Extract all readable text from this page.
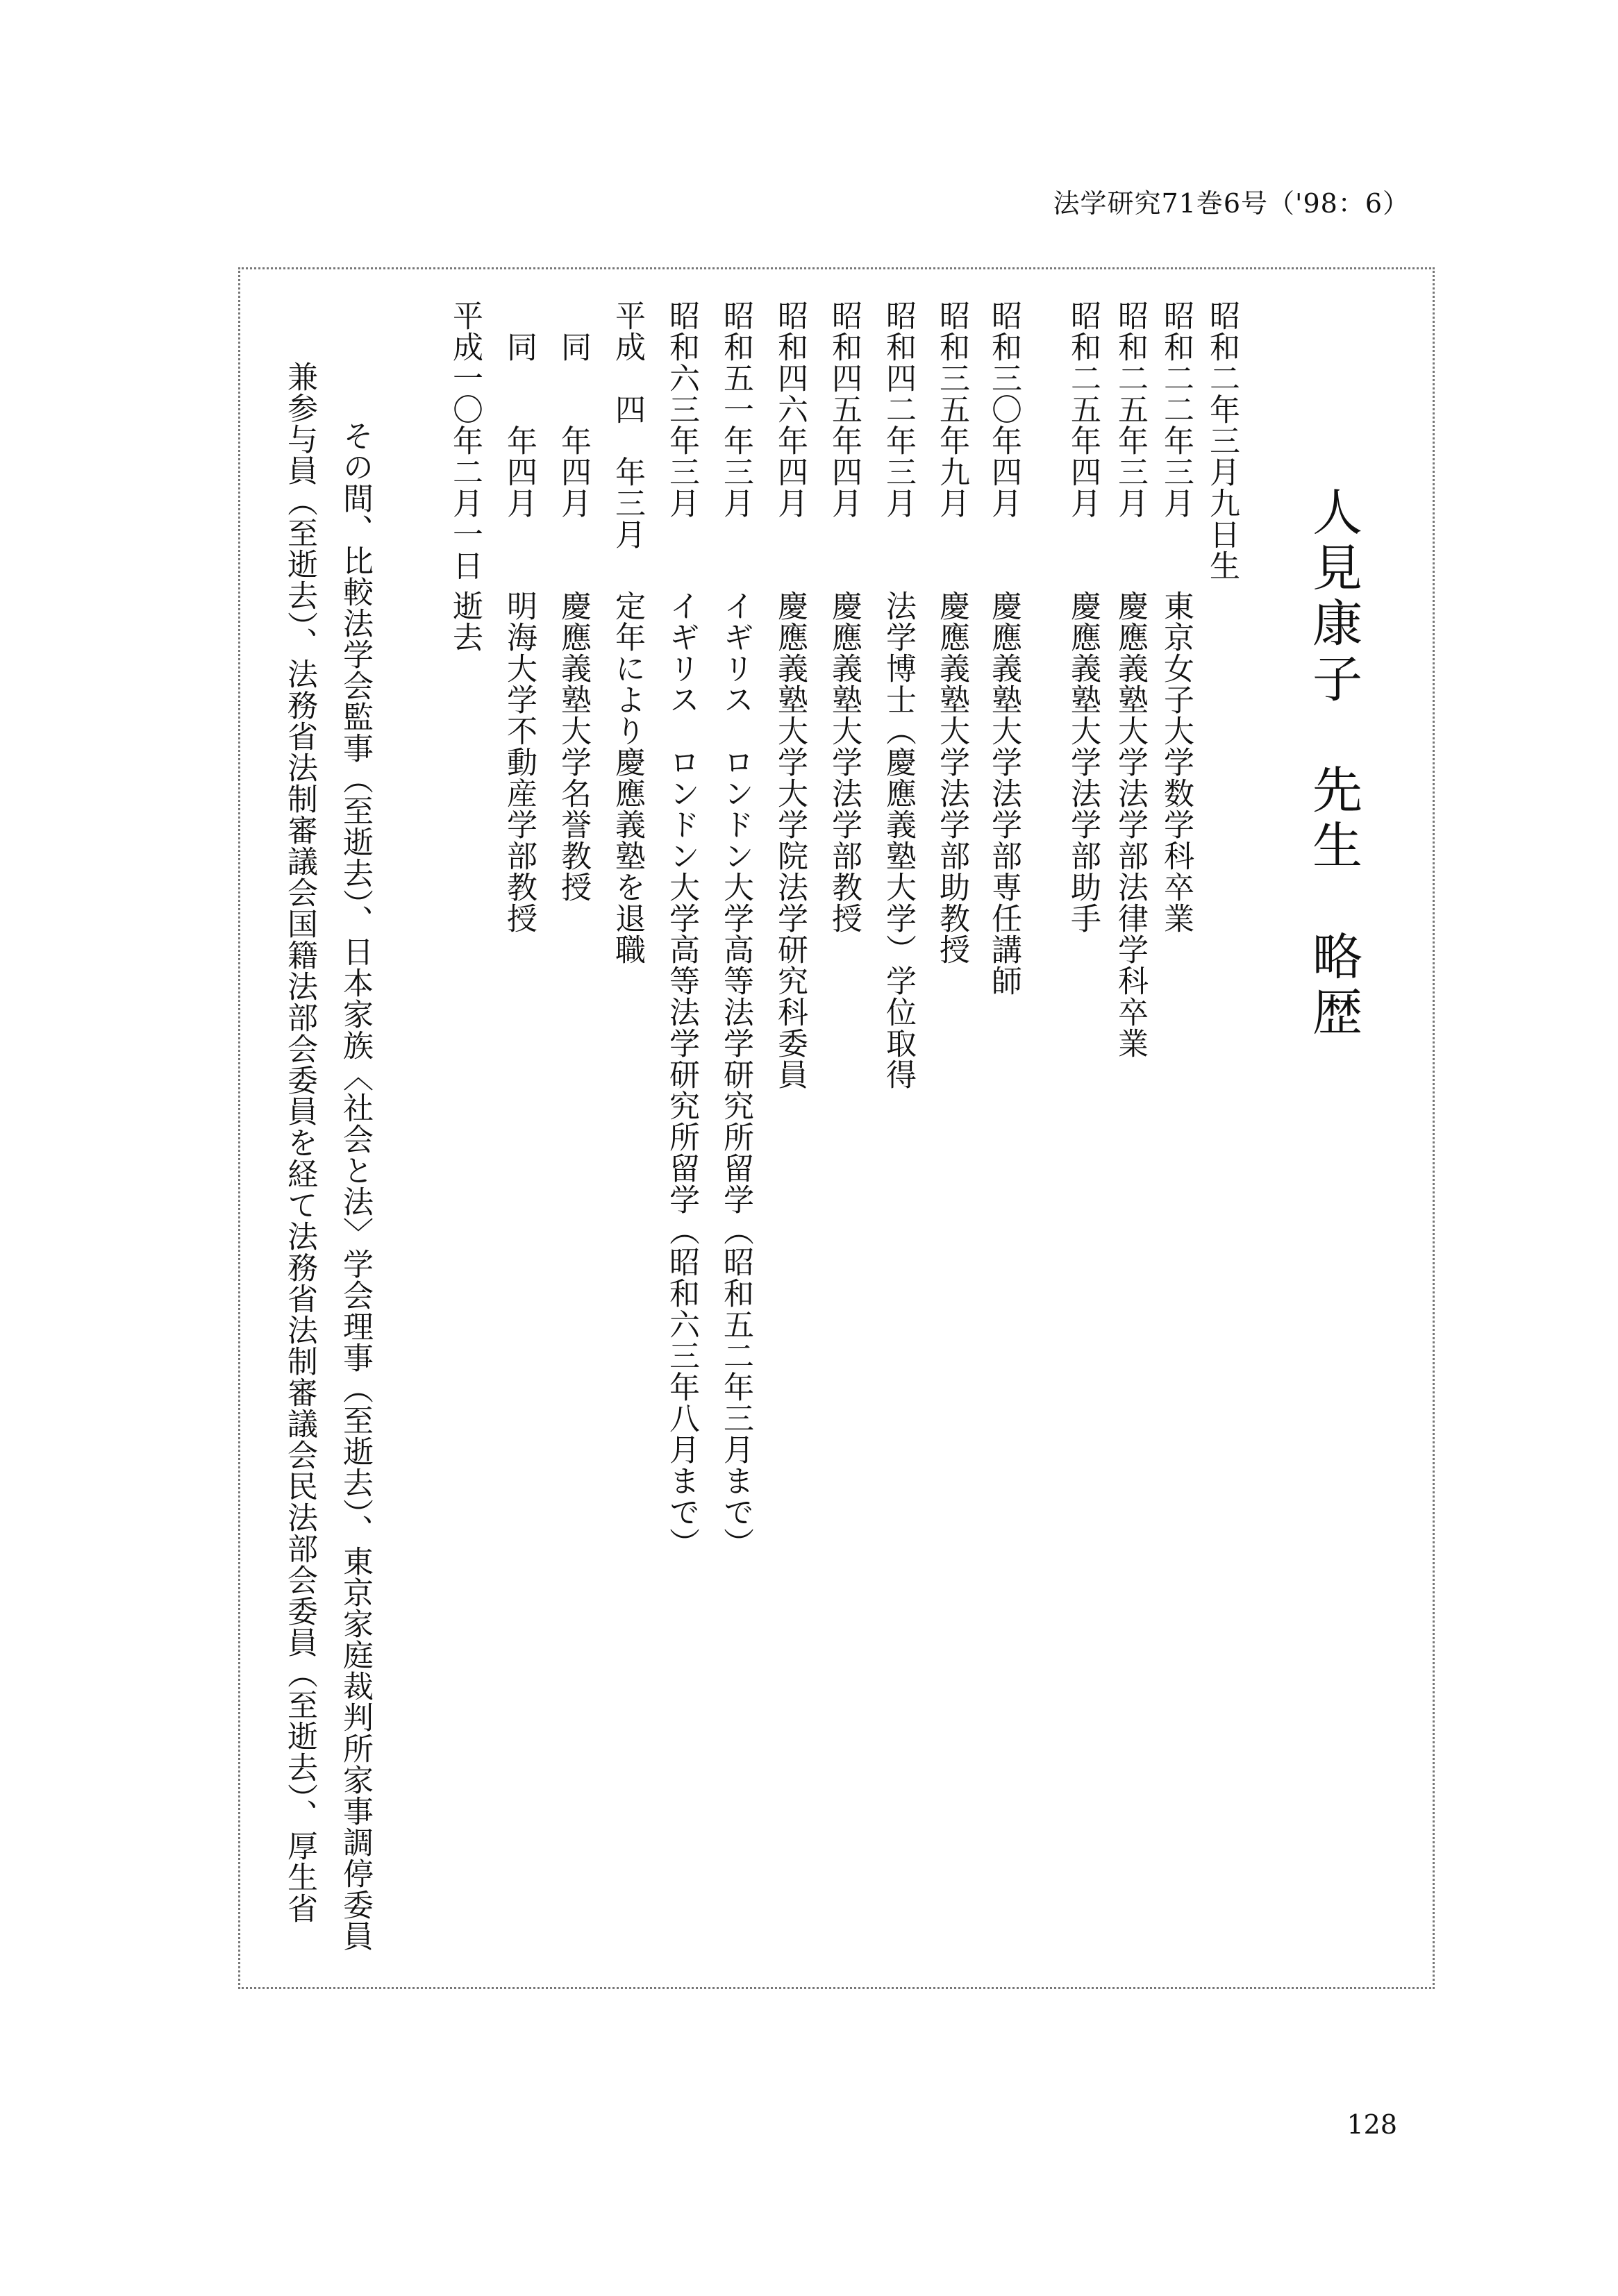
法学研究71巻6号（'98：6）
人見康子　先生　略歴
昭和二年三月九日生
昭和二二年三月
東京女子大学数学科卒業
昭和二五年三月
慶應義塾大学法学部法律学科卒業
昭和二五年四月
慶應義塾大学法学部助手
昭和三〇年四月
慶應義塾大学法学部専任講師
昭和三五年九月
慶應義塾大学法学部助教授
昭和四二年三月
法学博士（慶應義塾大学）学位取得
昭和四五年四月
慶應義塾大学法学部教授
昭和四六年四月
慶應義塾大学大学院法学研究科委員
昭和五一年三月
イギリス　ロンドン大学高等法学研究所留学（昭和五二年三月まで）
昭和六三年三月
イギリス　ロンドン大学高等法学研究所留学（昭和六三年八月まで）
平成　四　年三月
定年により慶應義塾を退職
　同　　年四月
慶應義塾大学名誉教授
　同　　年四月
明海大学不動産学部教授
平成一〇年二月一日
逝去
　その間、比較法学会監事（至逝去）、日本家族〈社会と法〉学会理事（至逝去）、東京家庭裁判所家事調停委員
兼参与員（至逝去）、法務省法制審議会国籍法部会委員を経て法務省法制審議会民法部会委員（至逝去）、厚生省
128
